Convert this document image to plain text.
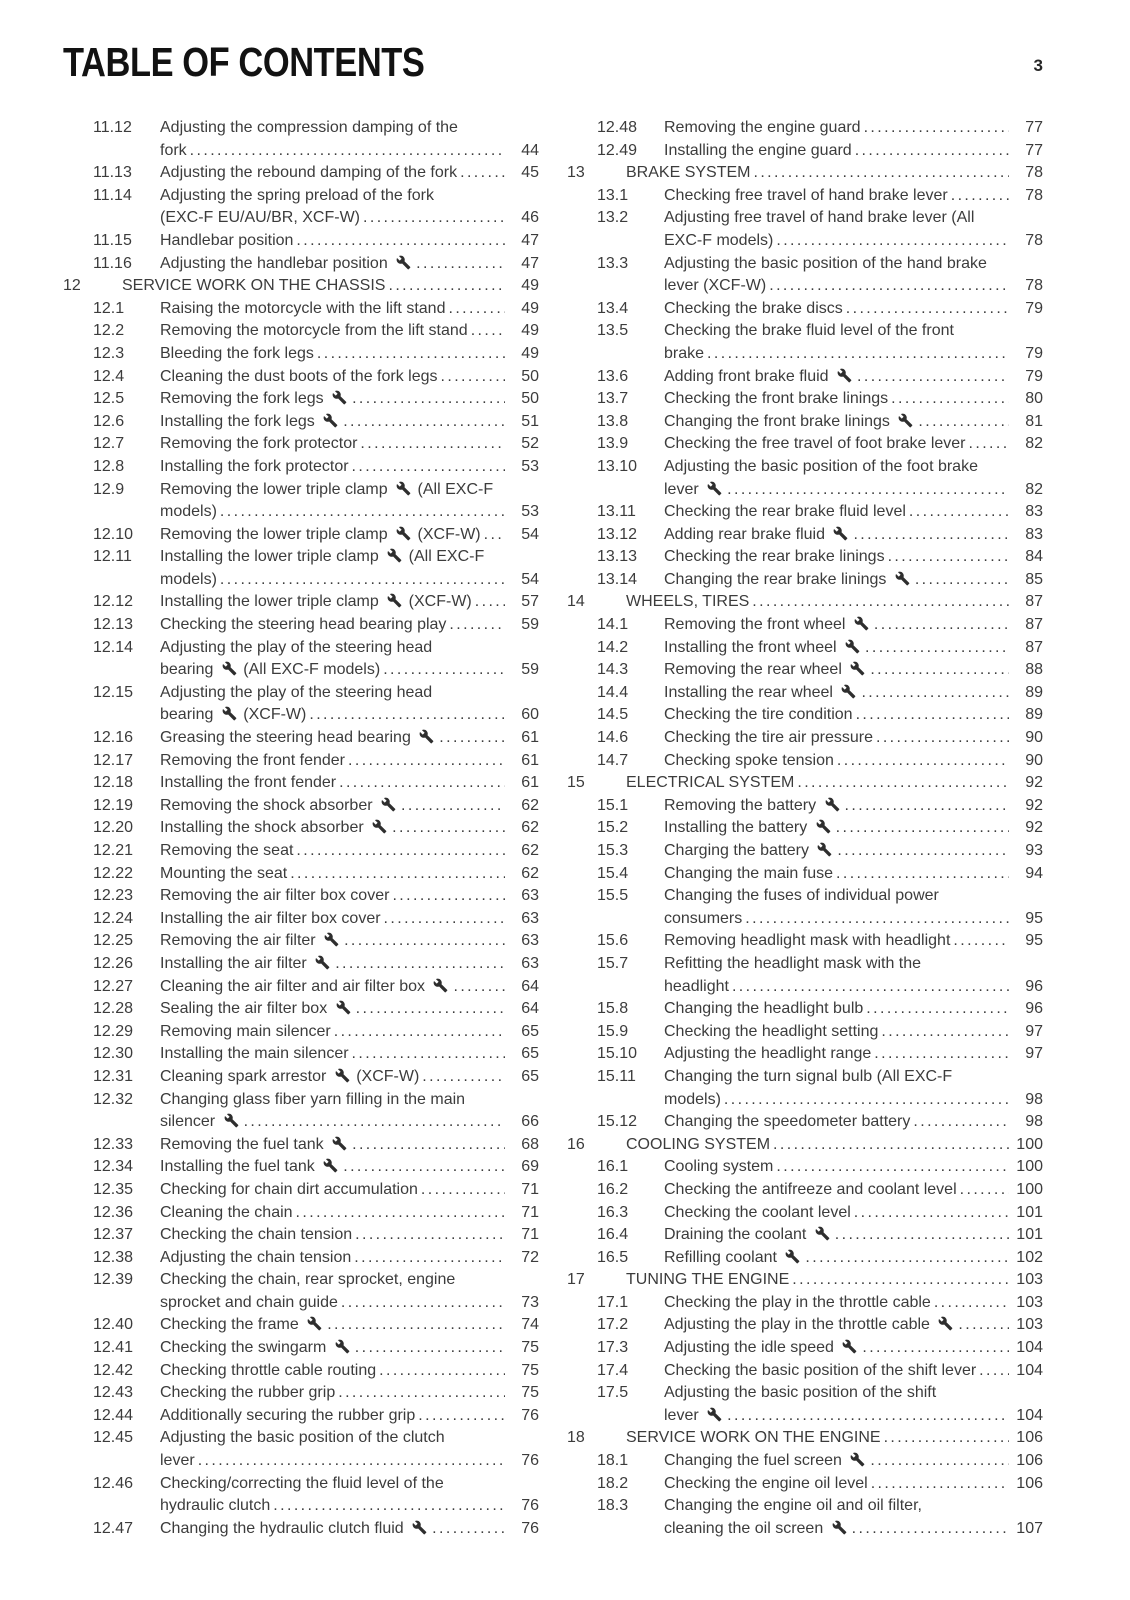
TABLE OF CONTENTS	3
11.12	Adjusting the compression damping of the
fork .....	44
11.13	Adjusting the rebound damping of the fork .....	45
11.14	Adjusting the spring preload of the fork
(EXC-F EU/AU/BR, XCF-W) .....	46
11.15	Handlebar position .....	47
11.16	Adjusting the handlebar position .....	47
12	SERVICE WORK ON THE CHASSIS .....	49
12.1	Raising the motorcycle with the lift stand .....	49
12.2	Removing the motorcycle from the lift stand .....	49
12.3	Bleeding the fork legs .....	49
12.4	Cleaning the dust boots of the fork legs .....	50
12.5	Removing the fork legs .....	50
12.6	Installing the fork legs .....	51
12.7	Removing the fork protector .....	52
12.8	Installing the fork protector .....	53
12.9	Removing the lower triple clamp  (All EXC-F
models) .....	53
12.10	Removing the lower triple clamp  (XCF-W) .....	54
12.11	Installing the lower triple clamp  (All EXC-F
models) .....	54
12.12	Installing the lower triple clamp  (XCF-W) .....	57
12.13	Checking the steering head bearing play .....	59
12.14	Adjusting the play of the steering head
bearing  (All EXC-F models) .....	59
12.15	Adjusting the play of the steering head
bearing  (XCF-W) .....	60
12.16	Greasing the steering head bearing .....	61
12.17	Removing the front fender .....	61
12.18	Installing the front fender .....	61
12.19	Removing the shock absorber .....	62
12.20	Installing the shock absorber .....	62
12.21	Removing the seat .....	62
12.22	Mounting the seat .....	62
12.23	Removing the air filter box cover .....	63
12.24	Installing the air filter box cover .....	63
12.25	Removing the air filter .....	63
12.26	Installing the air filter .....	63
12.27	Cleaning the air filter and air filter box .....	64
12.28	Sealing the air filter box .....	64
12.29	Removing main silencer .....	65
12.30	Installing the main silencer .....	65
12.31	Cleaning spark arrestor  (XCF-W) .....	65
12.32	Changing glass fiber yarn filling in the main
silencer .....	66
12.33	Removing the fuel tank .....	68
12.34	Installing the fuel tank .....	69
12.35	Checking for chain dirt accumulation .....	71
12.36	Cleaning the chain .....	71
12.37	Checking the chain tension .....	71
12.38	Adjusting the chain tension .....	72
12.39	Checking the chain, rear sprocket, engine
sprocket and chain guide .....	73
12.40	Checking the frame .....	74
12.41	Checking the swingarm .....	75
12.42	Checking throttle cable routing .....	75
12.43	Checking the rubber grip .....	75
12.44	Additionally securing the rubber grip .....	76
12.45	Adjusting the basic position of the clutch
lever .....	76
12.46	Checking/correcting the fluid level of the
hydraulic clutch .....	76
12.47	Changing the hydraulic clutch fluid .....	76
12.48	Removing the engine guard .....	77
12.49	Installing the engine guard .....	77
13	BRAKE SYSTEM .....	78
13.1	Checking free travel of hand brake lever .....	78
13.2	Adjusting free travel of hand brake lever (All
EXC-F models) .....	78
13.3	Adjusting the basic position of the hand brake
lever (XCF-W) .....	78
13.4	Checking the brake discs .....	79
13.5	Checking the brake fluid level of the front
brake .....	79
13.6	Adding front brake fluid .....	79
13.7	Checking the front brake linings .....	80
13.8	Changing the front brake linings .....	81
13.9	Checking the free travel of foot brake lever .....	82
13.10	Adjusting the basic position of the foot brake
lever .....	82
13.11	Checking the rear brake fluid level .....	83
13.12	Adding rear brake fluid .....	83
13.13	Checking the rear brake linings .....	84
13.14	Changing the rear brake linings .....	85
14	WHEELS, TIRES .....	87
14.1	Removing the front wheel .....	87
14.2	Installing the front wheel .....	87
14.3	Removing the rear wheel .....	88
14.4	Installing the rear wheel .....	89
14.5	Checking the tire condition .....	89
14.6	Checking the tire air pressure .....	90
14.7	Checking spoke tension .....	90
15	ELECTRICAL SYSTEM .....	92
15.1	Removing the battery .....	92
15.2	Installing the battery .....	92
15.3	Charging the battery .....	93
15.4	Changing the main fuse .....	94
15.5	Changing the fuses of individual power
consumers .....	95
15.6	Removing headlight mask with headlight .....	95
15.7	Refitting the headlight mask with the
headlight .....	96
15.8	Changing the headlight bulb .....	96
15.9	Checking the headlight setting .....	97
15.10	Adjusting the headlight range .....	97
15.11	Changing the turn signal bulb (All EXC-F
models) .....	98
15.12	Changing the speedometer battery .....	98
16	COOLING SYSTEM .....	100
16.1	Cooling system .....	100
16.2	Checking the antifreeze and coolant level .....	100
16.3	Checking the coolant level .....	101
16.4	Draining the coolant .....	101
16.5	Refilling coolant .....	102
17	TUNING THE ENGINE .....	103
17.1	Checking the play in the throttle cable .....	103
17.2	Adjusting the play in the throttle cable .....	103
17.3	Adjusting the idle speed .....	104
17.4	Checking the basic position of the shift lever .....	104
17.5	Adjusting the basic position of the shift
lever .....	104
18	SERVICE WORK ON THE ENGINE .....	106
18.1	Changing the fuel screen .....	106
18.2	Checking the engine oil level .....	106
18.3	Changing the engine oil and oil filter,
cleaning the oil screen .....	107
